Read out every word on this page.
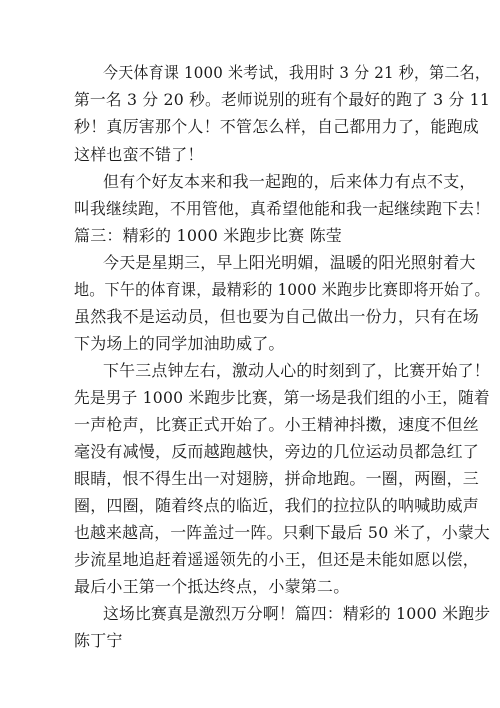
今天体育课 1000 米考试，我用时 3 分 21 秒，第二名，
第一名 3 分 20 秒。老师说别的班有个最好的跑了 3 分 11
秒！真厉害那个人！不管怎么样，自己都用力了，能跑成
这样也蛮不错了！
但有个好友本来和我一起跑的，后来体力有点不支，
叫我继续跑，不用管他，真希望他能和我一起继续跑下去！
篇三：精彩的 1000 米跑步比赛 陈莹
今天是星期三，早上阳光明媚，温暖的阳光照射着大
地。下午的体育课，最精彩的 1000 米跑步比赛即将开始了。
虽然我不是运动员，但也要为自己做出一份力，只有在场
下为场上的同学加油助威了。
下午三点钟左右，激动人心的时刻到了，比赛开始了！
先是男子 1000 米跑步比赛，第一场是我们组的小王，随着
一声枪声，比赛正式开始了。小王精神抖擞，速度不但丝
毫没有减慢，反而越跑越快，旁边的几位运动员都急红了
眼睛，恨不得生出一对翅膀，拼命地跑。一圈，两圈，三
圈，四圈，随着终点的临近，我们的拉拉队的呐喊助威声
也越来越高，一阵盖过一阵。只剩下最后 50 米了，小蒙大
步流星地追赶着遥遥领先的小王，但还是未能如愿以偿，
最后小王第一个抵达终点，小蒙第二。
这场比赛真是激烈万分啊！篇四：精彩的 1000 米跑步
陈丁宁
